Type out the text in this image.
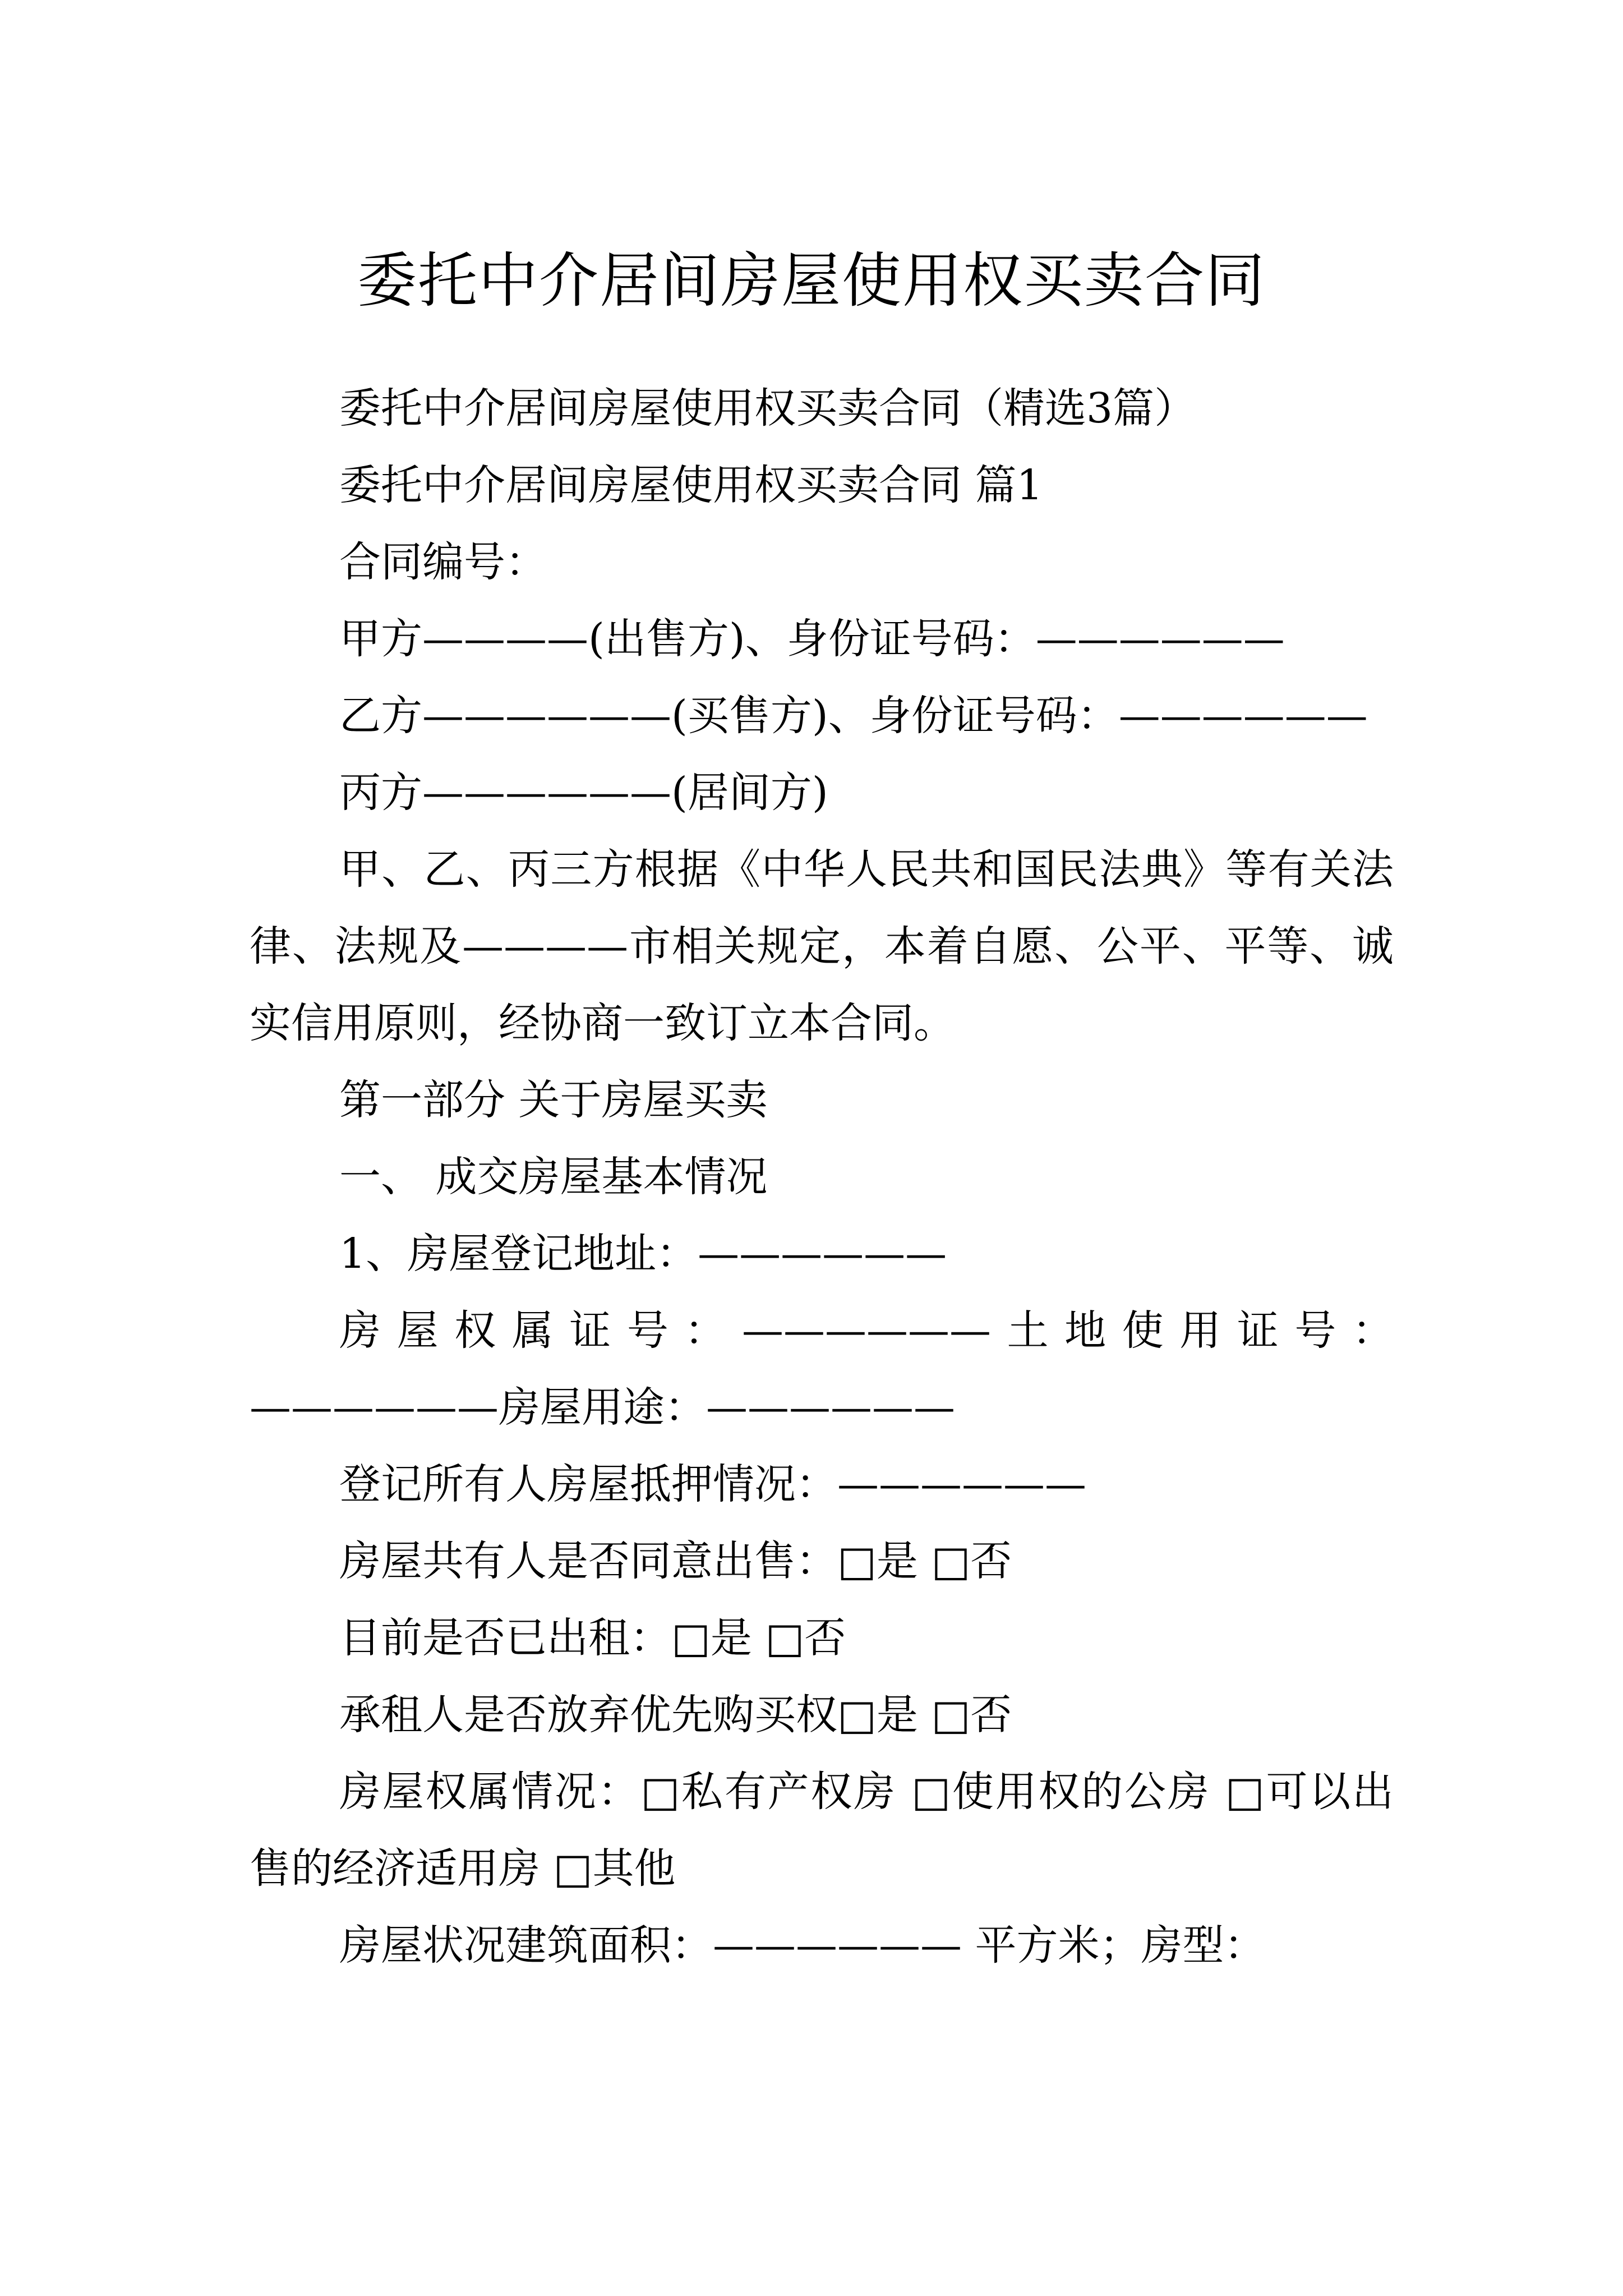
委托中介居间房屋使用权买卖合同

委托中介居间房屋使用权买卖合同（精选3篇）

委托中介居间房屋使用权买卖合同 篇1

合同编号：

甲方————(出售方)、身份证号码：——————

乙方——————(买售方)、身份证号码：——————

丙方——————(居间方)

甲、乙、丙三方根据《中华人民共和国民法典》等有关法律、法规及————市相关规定，本着自愿、公平、平等、诚实信用原则，经协商一致订立本合同。

第一部分 关于房屋买卖

一、 成交房屋基本情况

1、房屋登记地址：——————

房屋权属证号：——————土地使用证号：——————房屋用途：——————

登记所有人房屋抵押情况：——————

房屋共有人是否同意出售：□是 □否

目前是否已出租：□是 □否

承租人是否放弃优先购买权□是 □否

房屋权属情况：□私有产权房 □使用权的公房 □可以出售的经济适用房 □其他

房屋状况建筑面积：—————— 平方米；房型：
